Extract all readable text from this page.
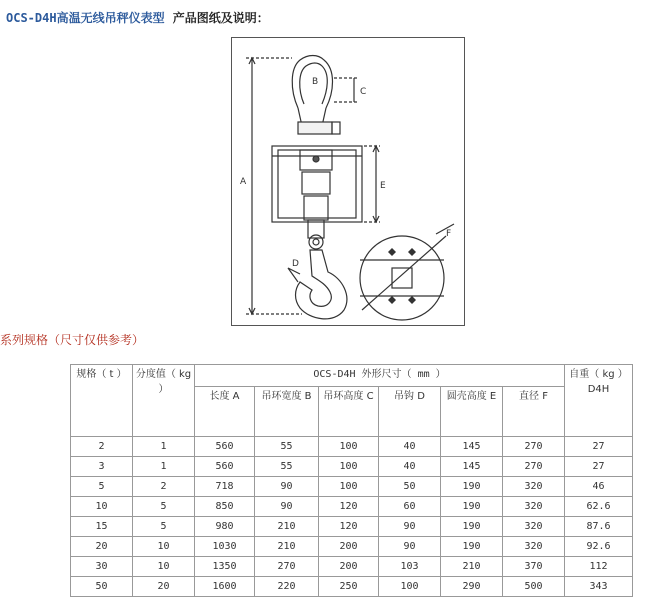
OCS-D4H高温无线吊秤仪表型 产品图纸及说明：
A
B
C
D
E
F
系列规格（尺寸仅供参考）
规格（ t ）	分度值（ kg ）	OCS-D4H 外形尺寸（ mm ）						自重（ kg ）D4H
		长度 A	吊环宽度 B	吊环高度 C	吊钩 D	圆壳高度 E	直径 F	
2	1	560	55	100	40	145	270	27
3	1	560	55	100	40	145	270	27
5	2	718	90	100	50	190	320	46
10	5	850	90	120	60	190	320	62.6
15	5	980	210	120	90	190	320	87.6
20	10	1030	210	200	90	190	320	92.6
30	10	1350	270	200	103	210	370	112
50	20	1600	220	250	100	290	500	343
